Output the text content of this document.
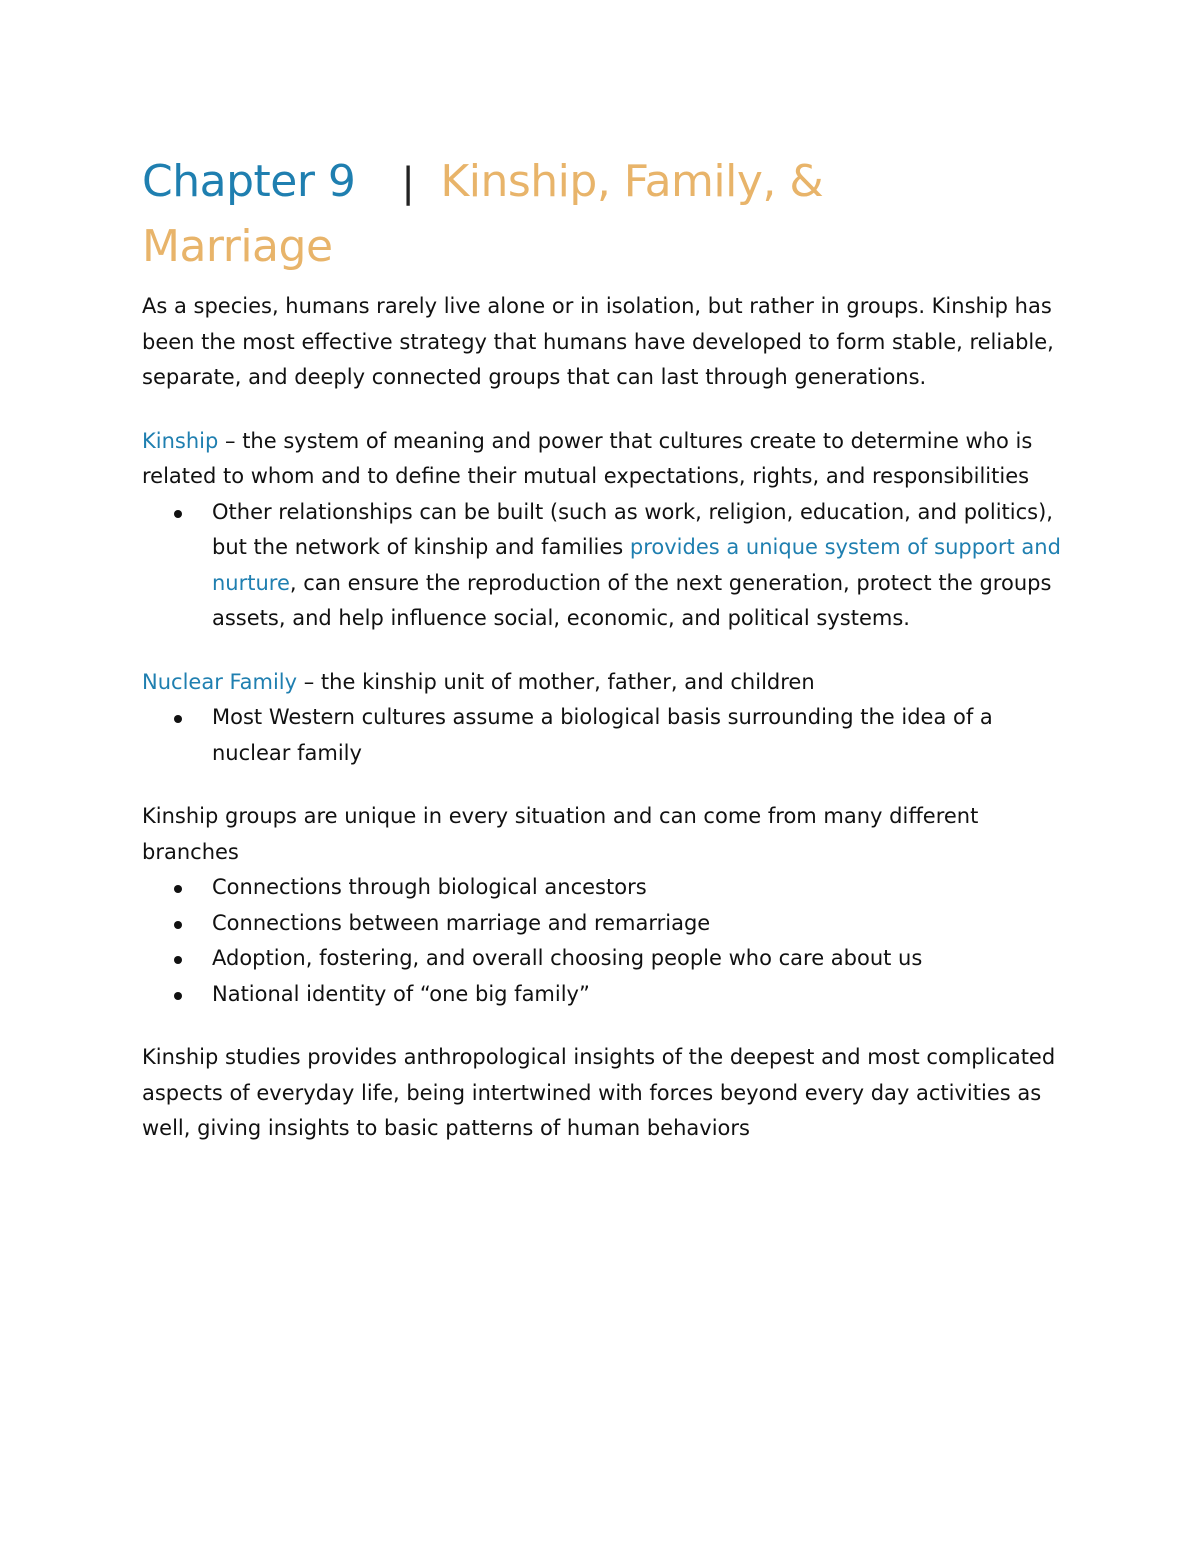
Chapter 9 | Kinship, Family, &
Marriage

As a species, humans rarely live alone or in isolation, but rather in groups. Kinship has been the most effective strategy that humans have developed to form stable, reliable, separate, and deeply connected groups that can last through generations.

Kinship – the system of meaning and power that cultures create to determine who is related to whom and to define their mutual expectations, rights, and responsibilities

Other relationships can be built (such as work, religion, education, and politics), but the network of kinship and families provides a unique system of support and nurture, can ensure the reproduction of the next generation, protect the groups assets, and help influence social, economic, and political systems.

Nuclear Family – the kinship unit of mother, father, and children

Most Western cultures assume a biological basis surrounding the idea of a nuclear family

Kinship groups are unique in every situation and can come from many different branches

Connections through biological ancestors
Connections between marriage and remarriage
Adoption, fostering, and overall choosing people who care about us
National identity of “one big family”

Kinship studies provides anthropological insights of the deepest and most complicated aspects of everyday life, being intertwined with forces beyond every day activities as well, giving insights to basic patterns of human behaviors
